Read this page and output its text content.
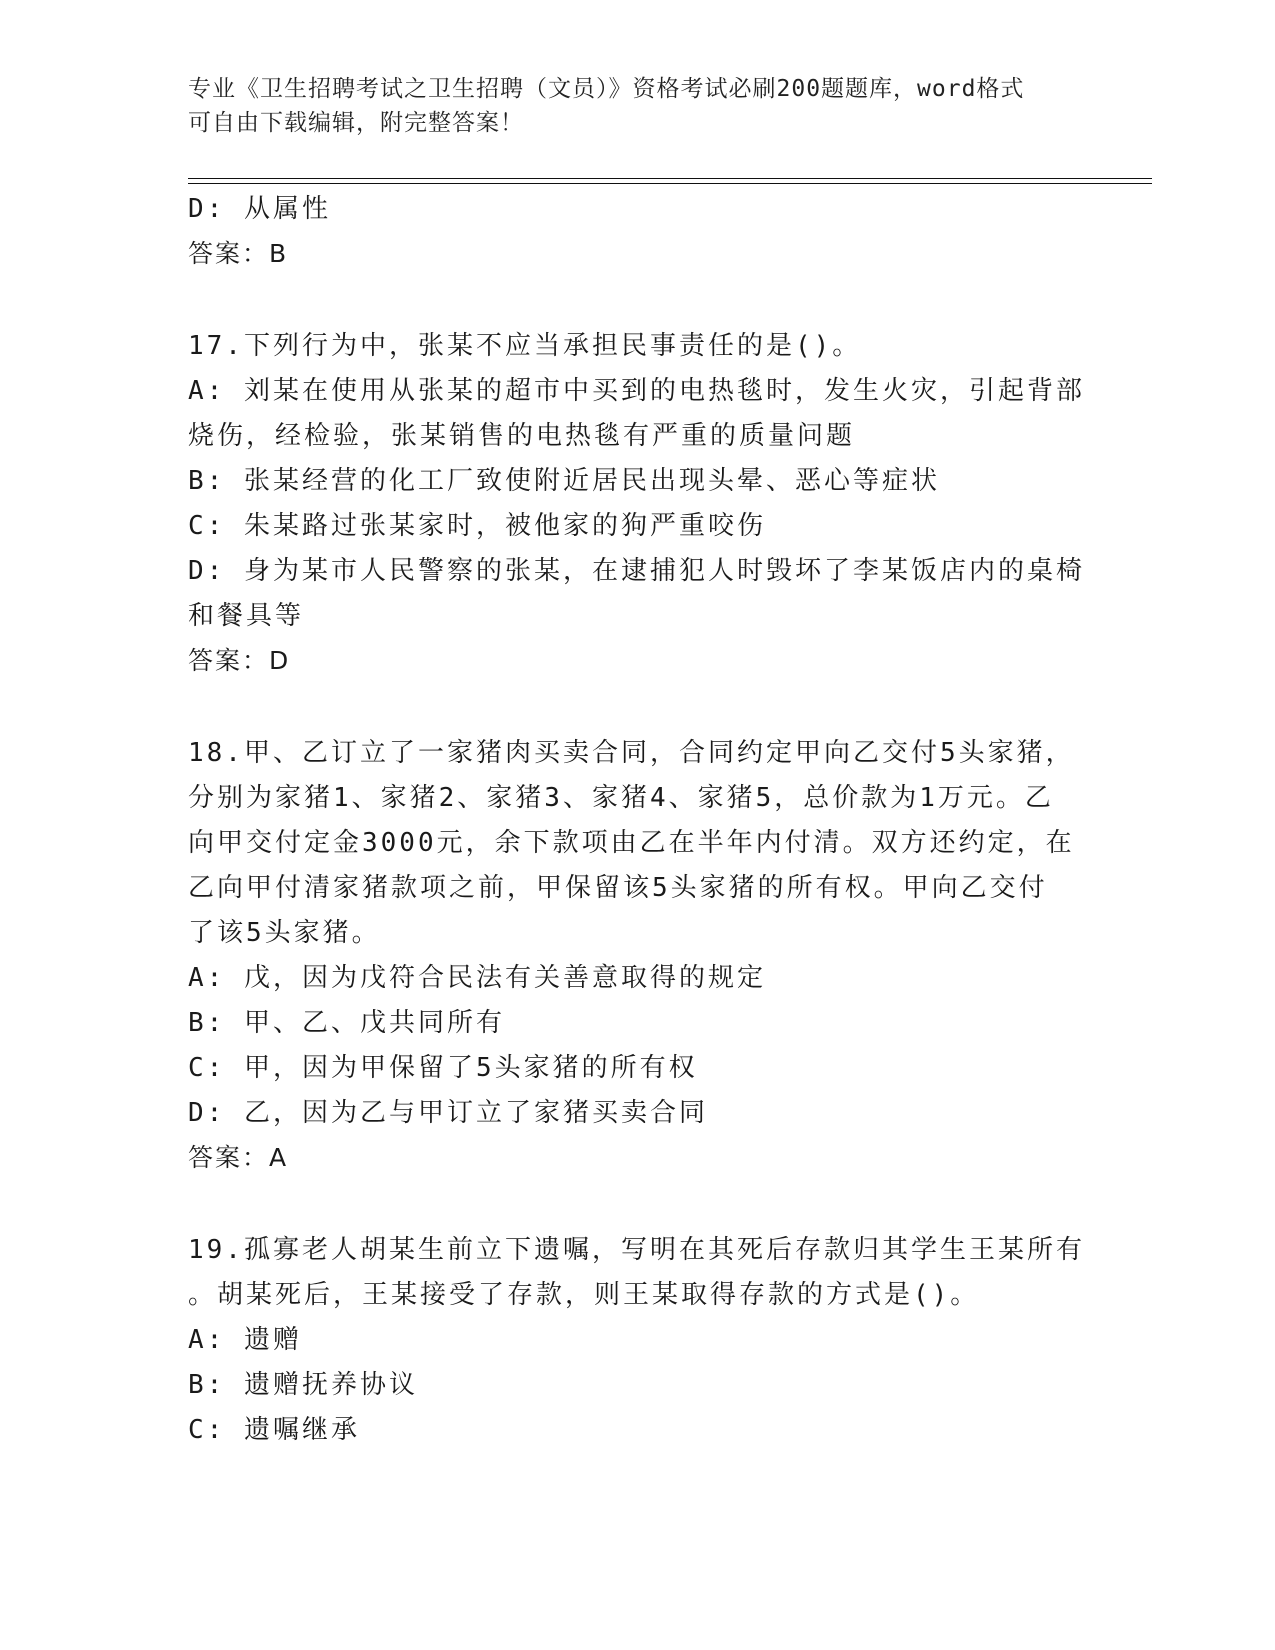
专业《卫生招聘考试之卫生招聘（文员）》资格考试必刷200题题库，word格式
可自由下载编辑，附完整答案！
D: 从属性
答案：B
17.下列行为中，张某不应当承担民事责任的是()。
A: 刘某在使用从张某的超市中买到的电热毯时，发生火灾，引起背部
烧伤，经检验，张某销售的电热毯有严重的质量问题
B: 张某经营的化工厂致使附近居民出现头晕、恶心等症状
C: 朱某路过张某家时，被他家的狗严重咬伤
D: 身为某市人民警察的张某，在逮捕犯人时毁坏了李某饭店内的桌椅
和餐具等
答案：D
18.甲、乙订立了一家猪肉买卖合同，合同约定甲向乙交付5头家猪，
分别为家猪1、家猪2、家猪3、家猪4、家猪5，总价款为1万元。乙
向甲交付定金3000元，余下款项由乙在半年内付清。双方还约定，在
乙向甲付清家猪款项之前，甲保留该5头家猪的所有权。甲向乙交付
了该5头家猪。
A: 戊，因为戊符合民法有关善意取得的规定
B: 甲、乙、戊共同所有
C: 甲，因为甲保留了5头家猪的所有权
D: 乙，因为乙与甲订立了家猪买卖合同
答案：A
19.孤寡老人胡某生前立下遗嘱，写明在其死后存款归其学生王某所有
。胡某死后，王某接受了存款，则王某取得存款的方式是()。
A: 遗赠
B: 遗赠抚养协议
C: 遗嘱继承
